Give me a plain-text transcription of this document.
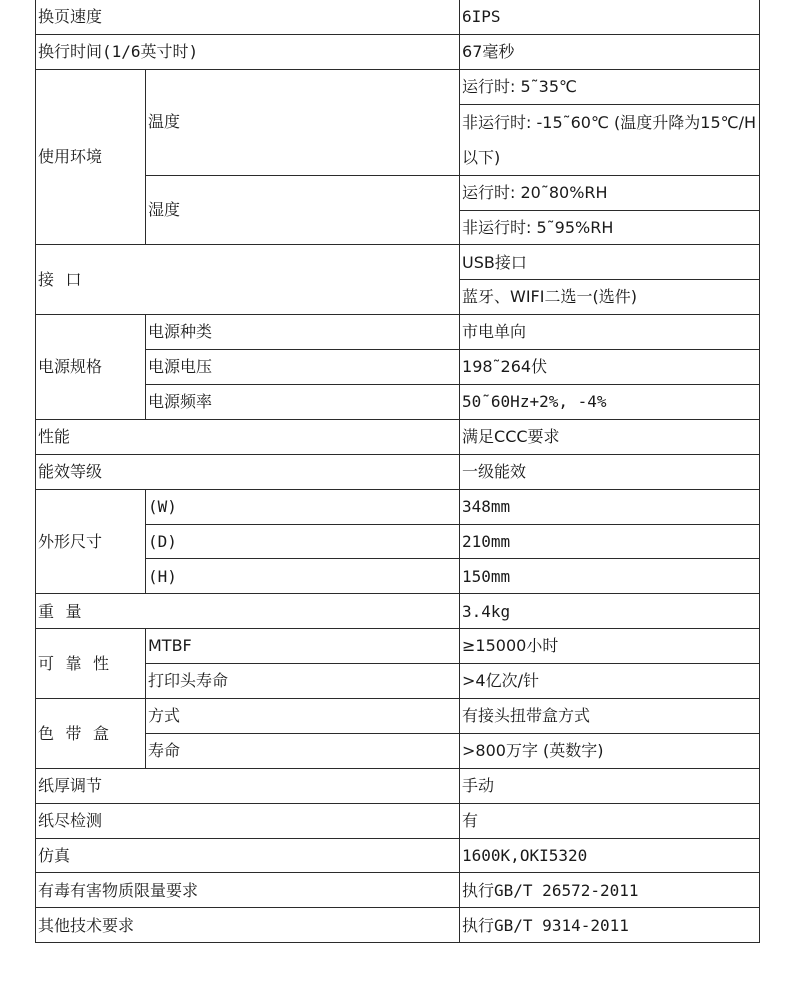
换页速度		6IPS
换行时间(1/6英寸时)		67毫秒
使用环境	温度	运行时: 5˜35℃
		非运行时: -15˜60℃ (温度升降为15℃/H以下)

	湿度	运行时: 20˜80%RH
		非运行时: 5˜95%RH
接 口		USB接口
		蓝牙、WIFI二选一(选件)
电源规格	电源种类	市电单向
	电源电压	198˜264伏
	电源频率	50˜60Hz+2%, -4%
性能		满足CCC要求
能效等级		一级能效
外形尺寸	(W)	348mm
	(D)	210mm
	(H)	150mm
重 量		3.4kg
可 靠 性	MTBF	≥15000小时
	打印头寿命	>4亿次/针
色 带 盒	方式	有接头扭带盒方式
	寿命	>800万字 (英数字)
纸厚调节		手动
纸尽检测		有
仿真		1600K,OKI5320
有毒有害物质限量要求		执行GB/T 26572-2011
其他技术要求		执行GB/T 9314-2011
